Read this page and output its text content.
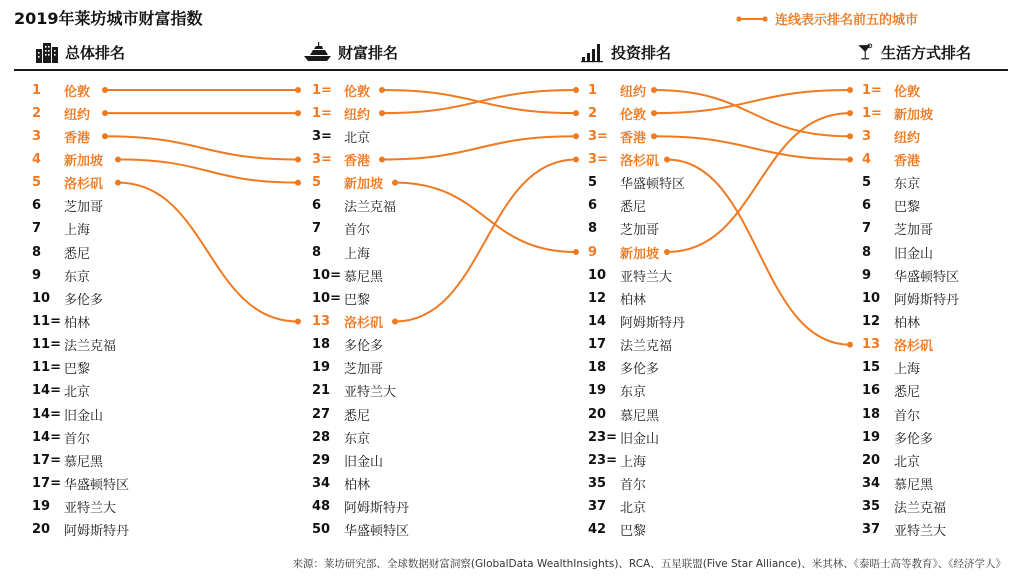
2019年莱坊城市财富指数	连线表示排名前五的城市
总体排名	财富排名	投资排名	生活方式排名
1	伦敦
2	纽约
3	香港
4	新加坡
5	洛杉矶
6	芝加哥
7	上海
8	悉尼
9	东京
10	多伦多
11= 柏林
11= 法兰克福
11= 巴黎
14= 北京
14= 旧金山
14= 首尔
17= 慕尼黑
17= 华盛顿特区
19	亚特兰大
20	阿姆斯特丹
1= 伦敦
1= 纽约
3= 北京
3= 香港
5	新加坡
6	法兰克福
7	首尔
8	上海
10= 慕尼黑
10= 巴黎
13	洛杉矶
18	多伦多
19	芝加哥
21	亚特兰大
27	悉尼
28	东京
29	旧金山
34	柏林
48	阿姆斯特丹
50	华盛顿特区
1	纽约
2	伦敦
3= 香港
3= 洛杉矶
5	华盛顿特区
6	悉尼
8	芝加哥
9	新加坡
10	亚特兰大
12	柏林
14	阿姆斯特丹
17	法兰克福
18	多伦多
19	东京
20	慕尼黑
23= 旧金山
23= 上海
35	首尔
37	北京
42	巴黎
1= 伦敦
1= 新加坡
3	纽约
4	香港
5	东京
6	巴黎
7	芝加哥
8	旧金山
9	华盛顿特区
10	阿姆斯特丹
12	柏林
13	洛杉矶
15	上海
16	悉尼
18	首尔
19	多伦多
20	北京
34	慕尼黑
35	法兰克福
37	亚特兰大
来源：莱坊研究部、全球数据财富洞察(GlobalData WealthInsights)、RCA、五星联盟(Five Star Alliance)、米其林、《泰晤士高等教育》、《经济学人》
